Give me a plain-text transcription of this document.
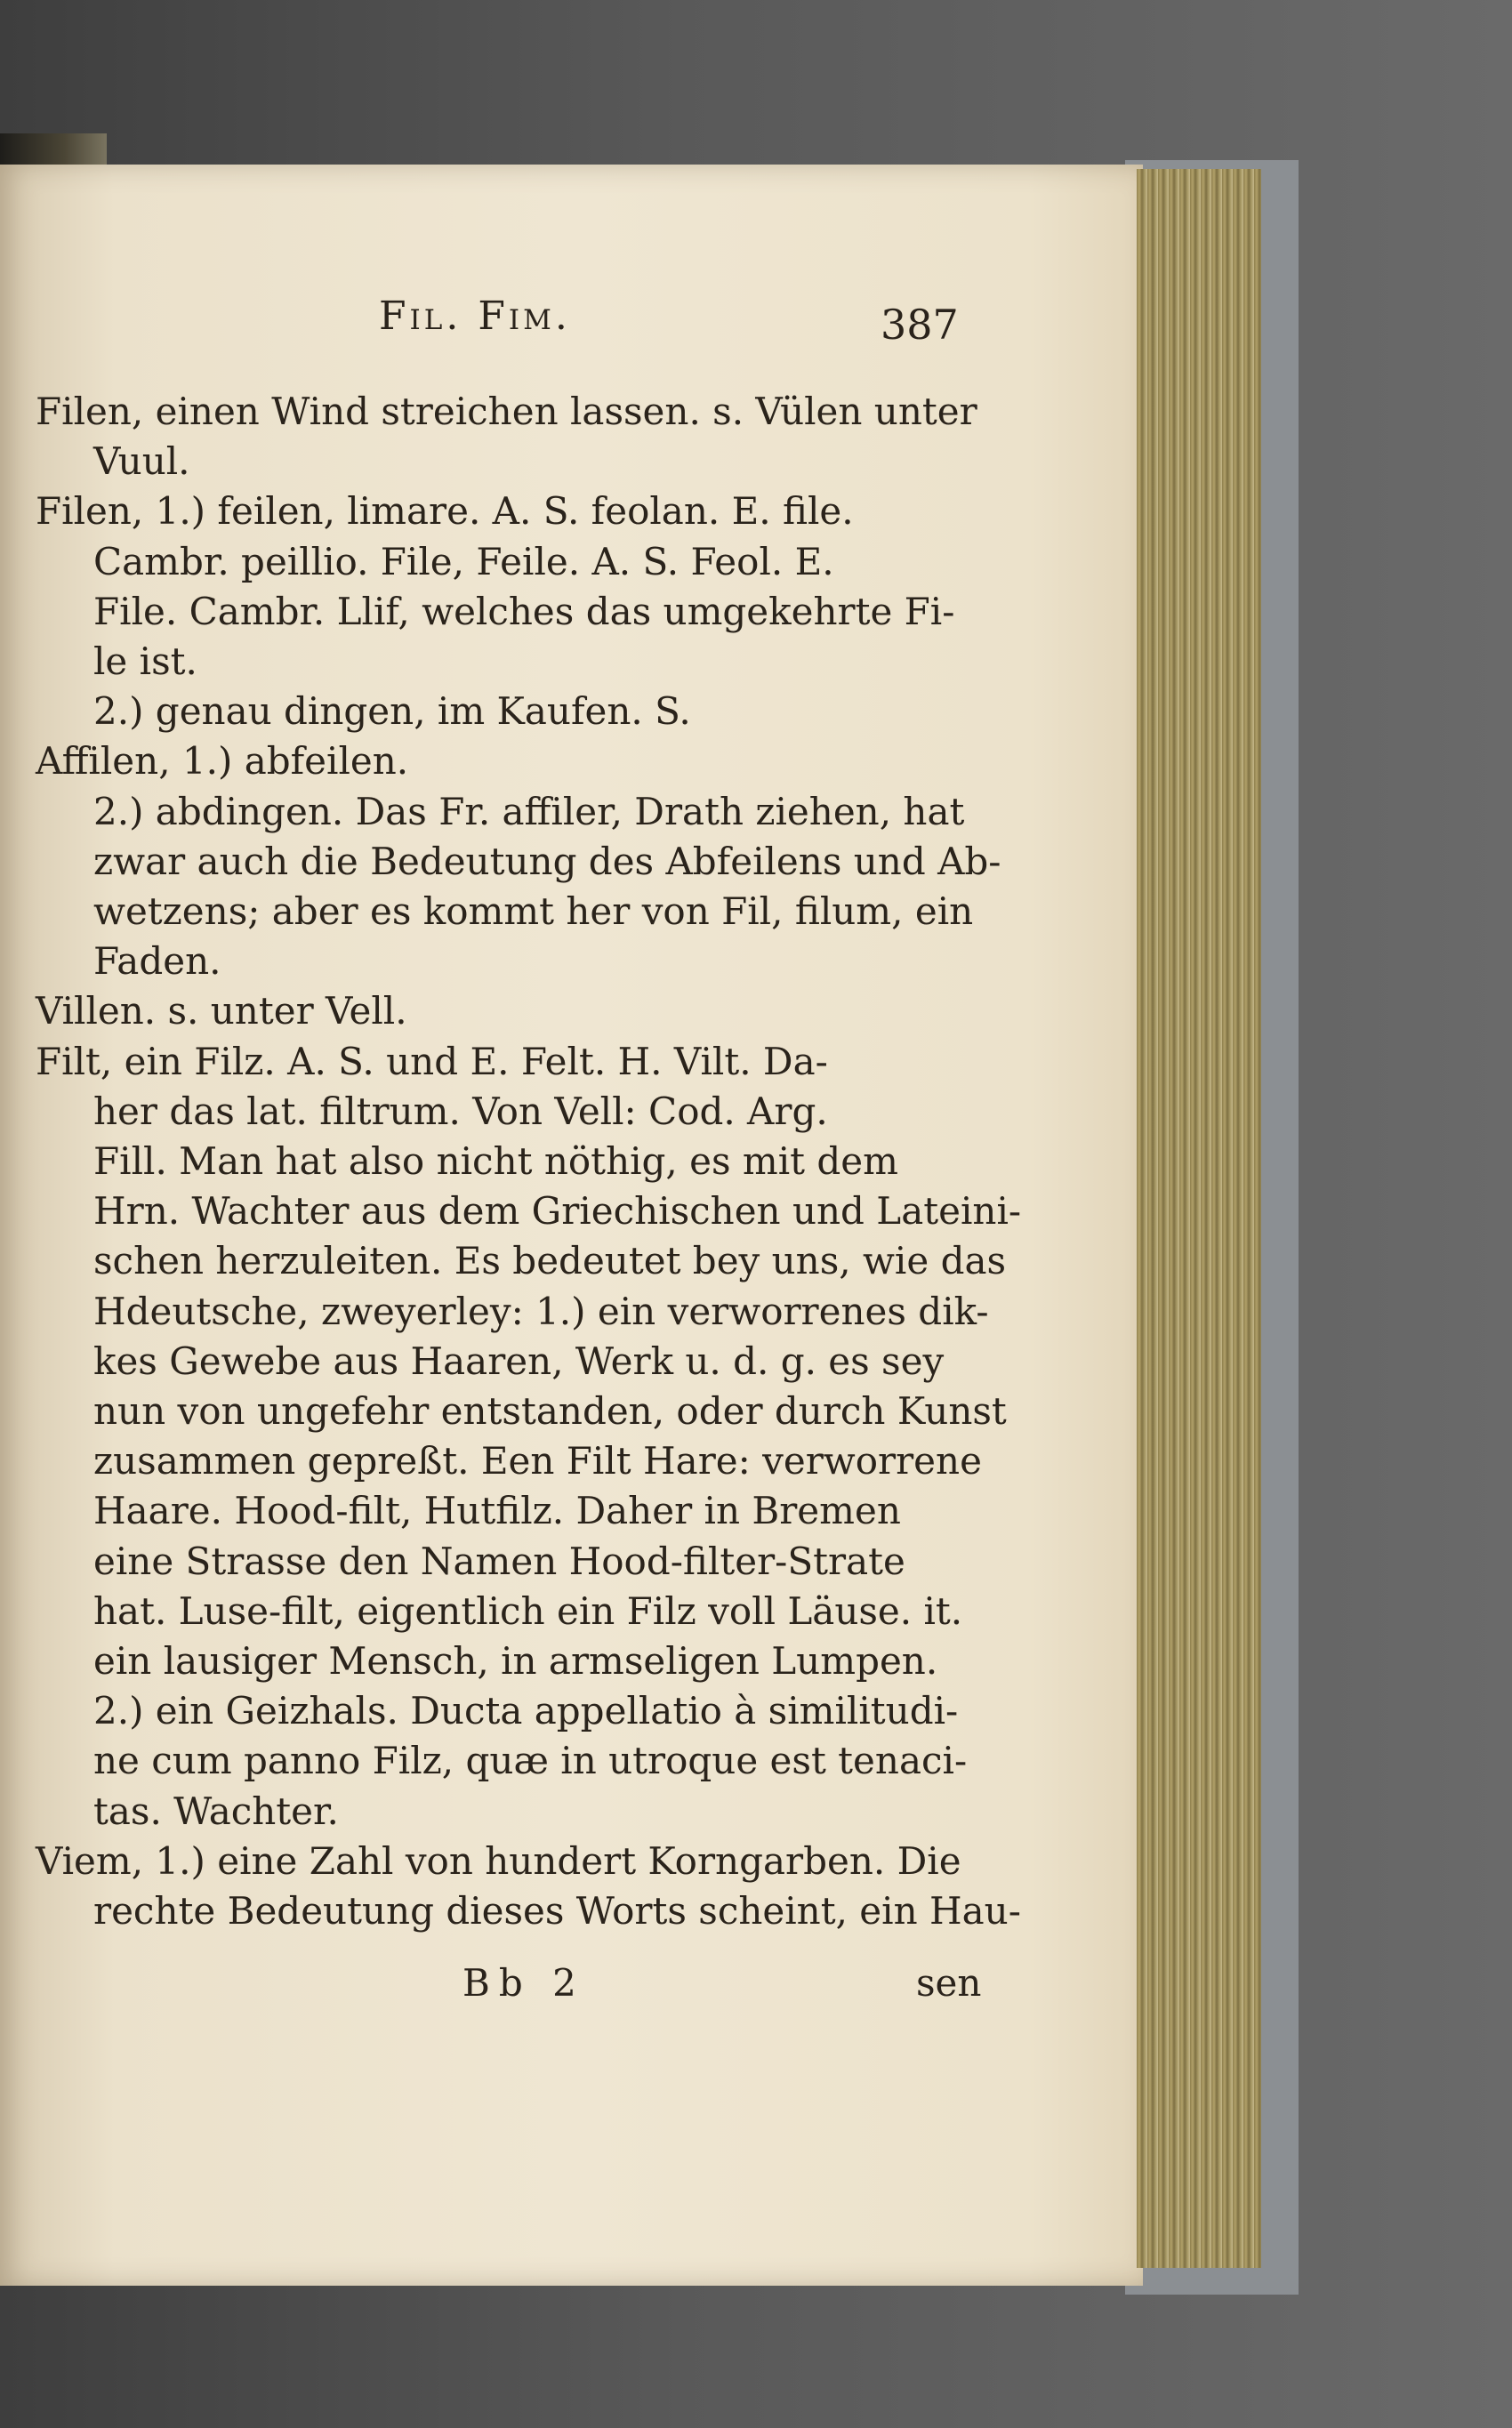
Fil. Fim.	387
Filen, einen Wind streichen lassen. s. Vülen unter
Vuul.
Filen, 1.) feilen, limare. A. S. feolan. E. file.
Cambr. peillio. File, Feile. A. S. Feol. E.
File. Cambr. Llif, welches das umgekehrte Fi-
le ist.
2.) genau dingen, im Kaufen. S.
Affilen, 1.) abfeilen.
2.) abdingen. Das Fr. affiler, Drath ziehen, hat
zwar auch die Bedeutung des Abfeilens und Ab-
wetzens; aber es kommt her von Fil, filum, ein
Faden.
Villen. s. unter Vell.
Filt, ein Filz. A. S. und E. Felt. H. Vilt. Da-
her das lat. filtrum. Von Vell: Cod. Arg.
Fill. Man hat also nicht nöthig, es mit dem
Hrn. Wachter aus dem Griechischen und Lateini-
schen herzuleiten. Es bedeutet bey uns, wie das
Hdeutsche, zweyerley: 1.) ein verworrenes dik-
kes Gewebe aus Haaren, Werk u. d. g. es sey
nun von ungefehr entstanden, oder durch Kunst
zusammen gepreßt. Een Filt Hare: verworrene
Haare. Hood-filt, Hutfilz. Daher in Bremen
eine Strasse den Namen Hood-filter-Strate
hat. Luse-filt, eigentlich ein Filz voll Läuse. it.
ein lausiger Mensch, in armseligen Lumpen.
2.) ein Geizhals. Ducta appellatio à similitudi-
ne cum panno Filz, quæ in utroque est tenaci-
tas. Wachter.
Viem, 1.) eine Zahl von hundert Korngarben. Die
rechte Bedeutung dieses Worts scheint, ein Hau-
Bb 2	sen
